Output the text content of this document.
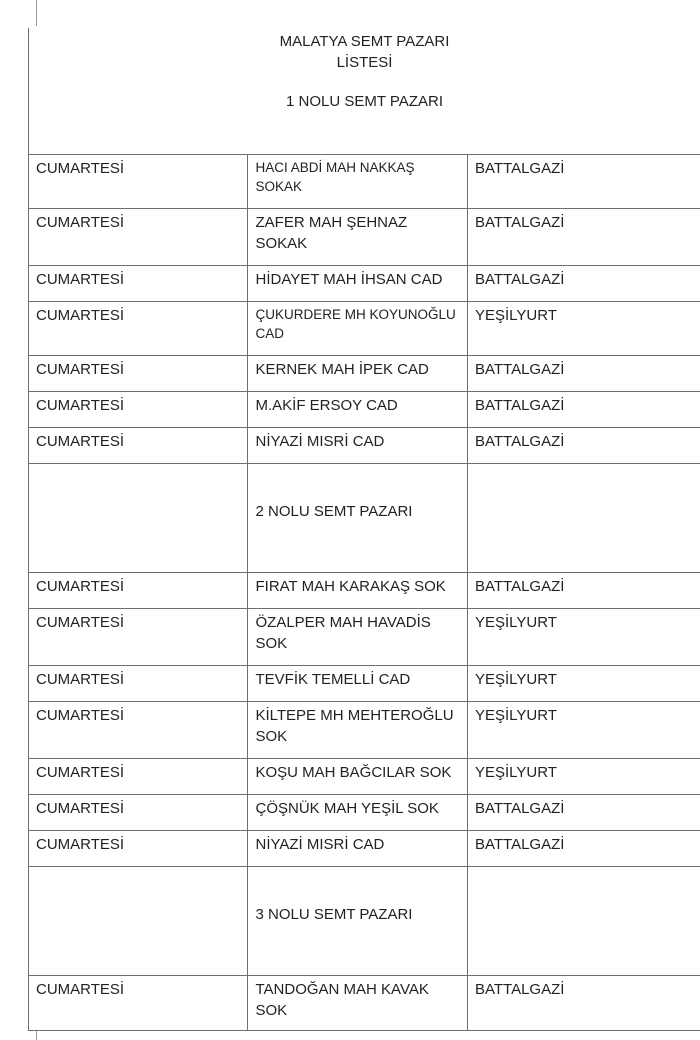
MALATYA SEMT PAZARI
LİSTESİ
1 NOLU SEMT PAZARI		

CUMARTESİ	HACI ABDİ MAH NAKKAŞ SOKAK	BATTALGAZİ

CUMARTESİ	ZAFER MAH ŞEHNAZ SOKAK	BATTALGAZİ

CUMARTESİ	HİDAYET MAH İHSAN CAD	BATTALGAZİ

CUMARTESİ	ÇUKURDERE MH KOYUNOĞLU CAD	YEŞİLYURT

CUMARTESİ	KERNEK MAH İPEK CAD	BATTALGAZİ

CUMARTESİ	M.AKİF ERSOY CAD	BATTALGAZİ

CUMARTESİ	NİYAZİ MISRİ CAD	BATTALGAZİ

	2 NOLU SEMT PAZARI	

CUMARTESİ	FIRAT MAH KARAKAŞ SOK	BATTALGAZİ

CUMARTESİ	ÖZALPER MAH HAVADİS SOK	YEŞİLYURT

CUMARTESİ	TEVFİK TEMELLİ CAD	YEŞİLYURT

CUMARTESİ	KİLTEPE MH MEHTEROĞLU SOK	YEŞİLYURT

CUMARTESİ	KOŞU MAH BAĞCILAR SOK	YEŞİLYURT

CUMARTESİ	ÇÖŞNÜK MAH YEŞİL SOK	BATTALGAZİ

CUMARTESİ	NİYAZİ MISRİ CAD	BATTALGAZİ

	3 NOLU SEMT PAZARI	

CUMARTESİ	TANDOĞAN MAH KAVAK SOK	BATTALGAZİ
